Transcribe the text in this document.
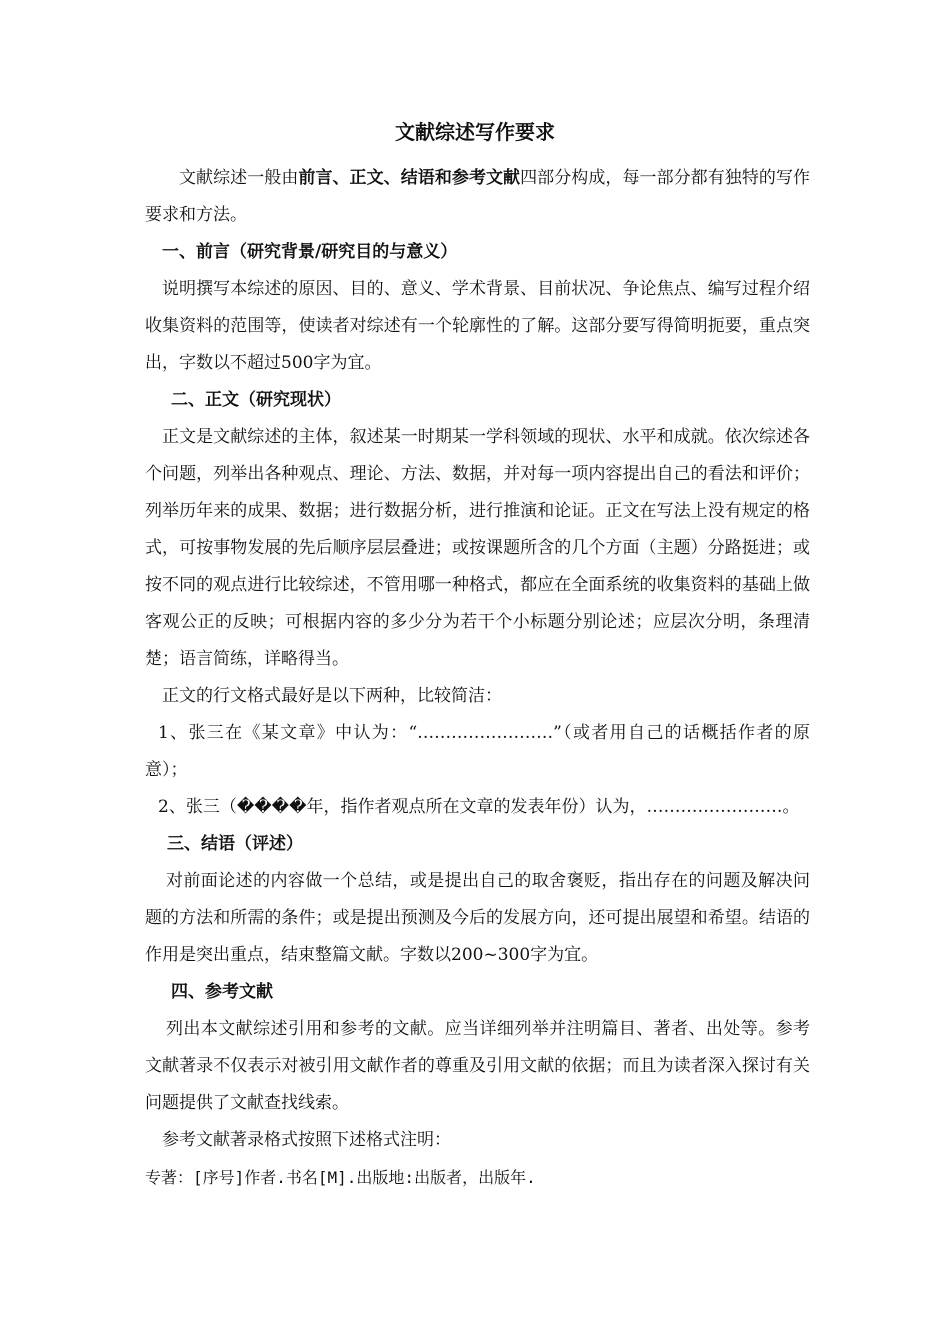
文献综述写作要求

文献综述一般由前言、正文、结语和参考文献四部分构成，每一部分都有独特的写作要求和方法。

一、前言（研究背景/研究目的与意义）

说明撰写本综述的原因、目的、意义、学术背景、目前状况、争论焦点、编写过程介绍收集资料的范围等，使读者对综述有一个轮廓性的了解。这部分要写得简明扼要，重点突出，字数以不超过500字为宜。

二、正文（研究现状）

正文是文献综述的主体，叙述某一时期某一学科领域的现状、水平和成就。依次综述各个问题，列举出各种观点、理论、方法、数据，并对每一项内容提出自己的看法和评价；列举历年来的成果、数据；进行数据分析，进行推演和论证。正文在写法上没有规定的格式，可按事物发展的先后顺序层层叠进；或按课题所含的几个方面（主题）分路挺进；或按不同的观点进行比较综述，不管用哪一种格式，都应在全面系统的收集资料的基础上做客观公正的反映；可根据内容的多少分为若干个小标题分别论述；应层次分明，条理清楚；语言简练，详略得当。

正文的行文格式最好是以下两种，比较简洁：

1、张三在《某文章》中认为：“……………………”（或者用自己的话概括作者的原意）；

2、张三（����年，指作者观点所在文章的发表年份）认为，……………………。

三、结语（评述）

对前面论述的内容做一个总结，或是提出自己的取舍褒贬，指出存在的问题及解决问题的方法和所需的条件；或是提出预测及今后的发展方向，还可提出展望和希望。结语的作用是突出重点，结束整篇文献。字数以200~300字为宜。

四、参考文献

列出本文献综述引用和参考的文献。应当详细列举并注明篇目、著者、出处等。参考文献著录不仅表示对被引用文献作者的尊重及引用文献的依据；而且为读者深入探讨有关问题提供了文献查找线索。

参考文献著录格式按照下述格式注明：

专著：[序号]作者.书名[M].出版地:出版者，出版年.
